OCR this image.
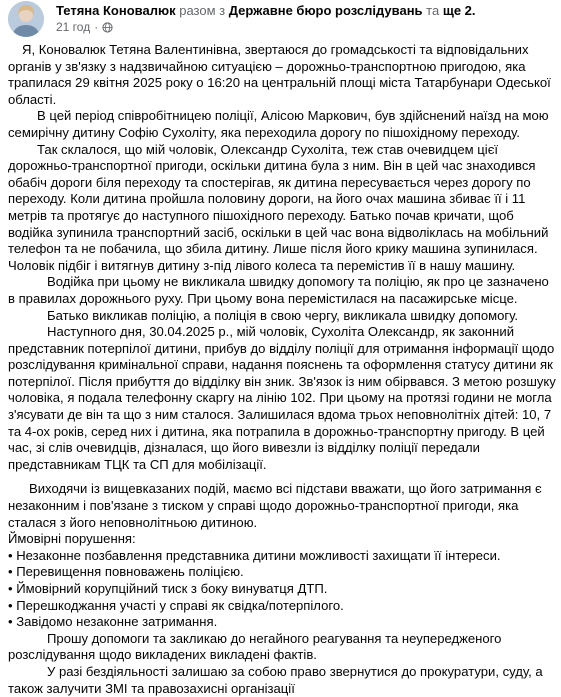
Тетяна Коновалюк разом з Державне бюро розслідувань та ще 2.
21 год ·

Я, Коновалюк Тетяна Валентинівна, звертаюся до громадськості та відповідальних органів у зв'язку з надзвичайною ситуацією – дорожньо-транспортною пригодою, яка трапилася 29 квітня 2025 року о 16:20 на центральній площі міста Татарбунари Одеської області.

В цей період співробітницею поліції, Алісою Маркович, був здійснений наїзд на мою семирічну дитину Софію Сухоліту, яка переходила дорогу по пішохідному переходу.

Так склалося, що мій чоловік, Олександр Сухоліта, теж став очевидцем цієї дорожньо-транспортної пригоди, оскільки дитина була з ним. Він в цей час знаходився обабіч дороги біля переходу та спостерігав, як дитина пересувається через дорогу по переходу. Коли дитина пройшла половину дороги, на його очах машина збиває її і 11 метрів та протягує до наступного пішохідного переходу. Батько почав кричати, щоб водійка зупинила транспортний засіб, оскільки в цей час вона відволіклась на мобільний телефон та не побачила, що збила дитину. Лише після його крику машина зупинилася. Чоловік підбіг і витягнув дитину з-під лівого колеса та перемістив її в нашу машину.

Водійка при цьому не викликала швидку допомогу та поліцію, як про це зазначено в правилах дорожнього руху. При цьому вона перемістилася на пасажирське місце.

Батько викликав поліцію, а поліція в свою чергу, викликала швидку допомогу.

Наступного дня, 30.04.2025 р., мій чоловік, Сухоліта Олександр, як законний представник потерпілої дитини, прибув до відділу поліції для отримання інформації щодо розслідування кримінальної справи, надання пояснень та оформлення статусу дитини як потерпілої. Після прибуття до відділку він зник. Зв'язок із ним обірвався. З метою розшуку чоловіка, я подала телефонну скаргу на лінію 102. При цьому на протязі години не могла з'ясувати де він та що з ним сталося. Залишилася вдома трьох неповнолітніх дітей: 10, 7 та 4-ох років, серед них і дитина, яка потрапила в дорожньо-транспортну пригоду. В цей час, зі слів очевидців, дізналася, що його вивезли із відділку поліції передали представникам ТЦК та СП для мобілізації.

Виходячи із вищевказаних подій, маємо всі підстави вважати, що його затримання є незаконним і пов'язане з тиском у справі щодо дорожньо-транспортної пригоди, яка сталася з його неповнолітньою дитиною.

Ймовірні порушення:

• Незаконне позбавлення представника дитини можливості захищати її інтереси.

• Перевищення повноважень поліцією.

• Ймовірний корупційний тиск з боку винуватця ДТП.

• Перешкоджання участі у справі як свідка/потерпілого.

• Завідомо незаконне затримання.

Прошу допомоги та закликаю до негайного реагування та неупередженого розслідування щодо викладених викладені фактів.

У разі бездіяльності залишаю за собою право звернутися до прокуратури, суду, а також залучити ЗМІ та правозахисні організації
